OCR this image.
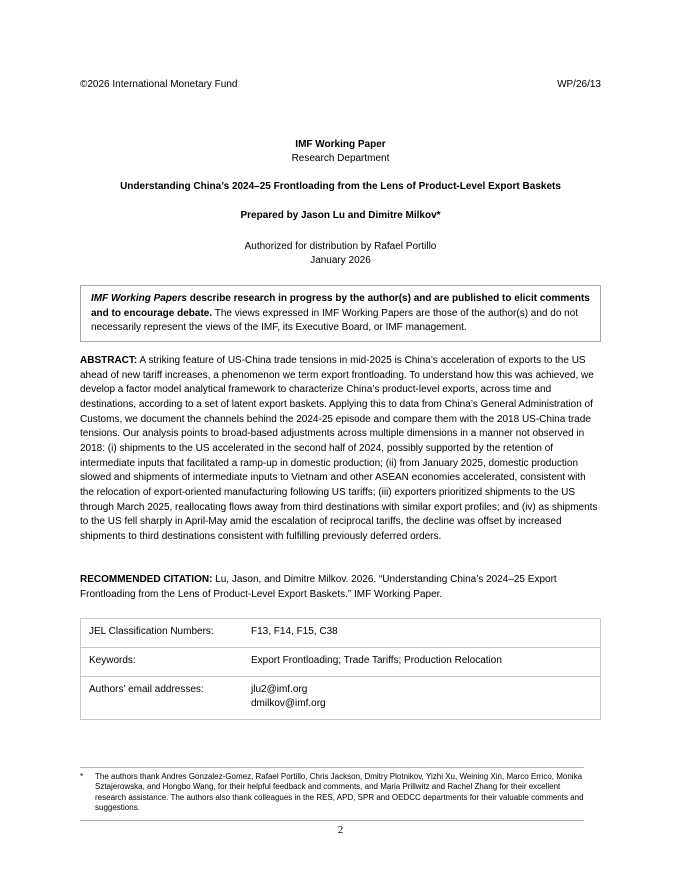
©2026 International Monetary Fund	WP/26/13
IMF Working Paper
Research Department
Understanding China’s 2024–25 Frontloading from the Lens of Product-Level Export Baskets
Prepared by Jason Lu and Dimitre Milkov*
Authorized for distribution by Rafael Portillo
January 2026
IMF Working Papers describe research in progress by the author(s) and are published to elicit comments and to encourage debate. The views expressed in IMF Working Papers are those of the author(s) and do not necessarily represent the views of the IMF, its Executive Board, or IMF management.
ABSTRACT: A striking feature of US-China trade tensions in mid-2025 is China’s acceleration of exports to the US ahead of new tariff increases, a phenomenon we term export frontloading. To understand how this was achieved, we develop a factor model analytical framework to characterize China’s product-level exports, across time and destinations, according to a set of latent export baskets. Applying this to data from China’s General Administration of Customs, we document the channels behind the 2024-25 episode and compare them with the 2018 US-China trade tensions. Our analysis points to broad-based adjustments across multiple dimensions in a manner not observed in 2018: (i) shipments to the US accelerated in the second half of 2024, possibly supported by the retention of intermediate inputs that facilitated a ramp-up in domestic production; (ii) from January 2025, domestic production slowed and shipments of intermediate inputs to Vietnam and other ASEAN economies accelerated, consistent with the relocation of export-oriented manufacturing following US tariffs; (iii) exporters prioritized shipments to the US through March 2025, reallocating flows away from third destinations with similar export profiles; and (iv) as shipments to the US fell sharply in April-May amid the escalation of reciprocal tariffs, the decline was offset by increased shipments to third destinations consistent with fulfilling previously deferred orders.
RECOMMENDED CITATION: Lu, Jason, and Dimitre Milkov. 2026. “Understanding China’s 2024–25 Export Frontloading from the Lens of Product-Level Export Baskets.” IMF Working Paper.
JEL Classification Numbers:	F13, F14, F15, C38
Keywords:	Export Frontloading; Trade Tariffs; Production Relocation
Authors’ email addresses:	jlu2@imf.org
dmilkov@imf.org
* The authors thank Andres Gonzalez-Gomez, Rafael Portillo, Chris Jackson, Dmitry Plotnikov, Yizhi Xu, Weining Xin, Marco Errico, Monika Sztajerowska, and Hongbo Wang, for their helpful feedback and comments, and Maria Prillwitz and Rachel Zhang for their excellent research assistance. The authors also thank colleagues in the RES, APD, SPR and OEDCC departments for their valuable comments and suggestions.
2
